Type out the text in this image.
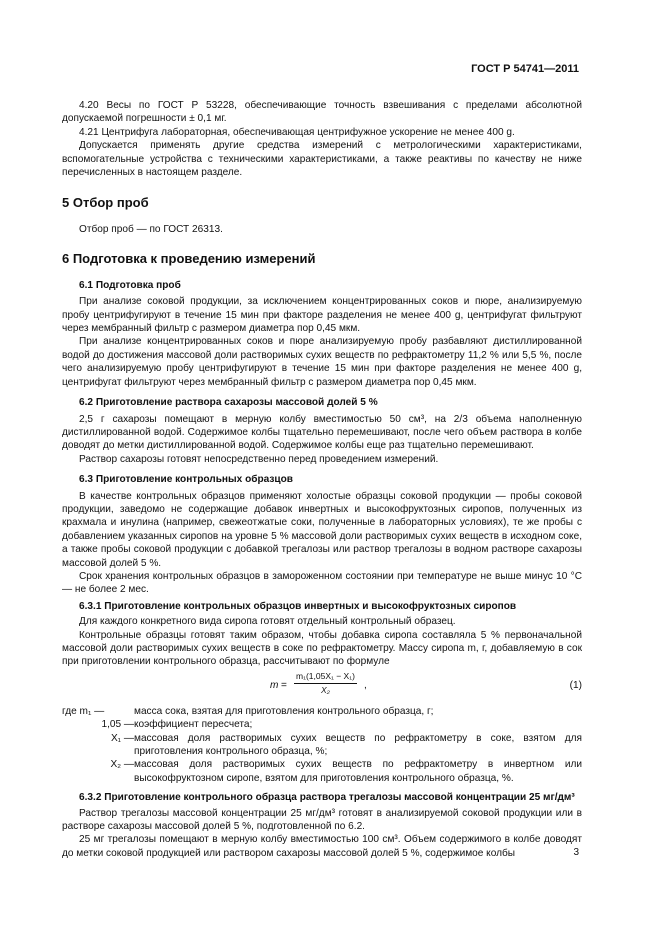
ГОСТ Р 54741—2011

4.20 Весы по ГОСТ Р 53228, обеспечивающие точность взвешивания с пределами абсолютной допускаемой погрешности ± 0,1 мг.

4.21 Центрифуга лабораторная, обеспечивающая центрифужное ускорение не менее 400 g.

Допускается применять другие средства измерений с метрологическими характеристиками, вспомогательные устройства с техническими характеристиками, а также реактивы по качеству не ниже перечисленных в настоящем разделе.

5 Отбор проб

Отбор проб — по ГОСТ 26313.

6 Подготовка к проведению измерений
6.1 Подготовка проб

При анализе соковой продукции, за исключением концентрированных соков и пюре, анализируемую пробу центрифугируют в течение 15 мин при факторе разделения не менее 400 g, центрифугат фильтруют через мембранный фильтр с размером диаметра пор 0,45 мкм.

При анализе концентрированных соков и пюре анализируемую пробу разбавляют дистиллированной водой до достижения массовой доли растворимых сухих веществ по рефрактометру 11,2 % или 5,5 %, после чего анализируемую пробу центрифугируют в течение 15 мин при факторе разделения не менее 400 g, центрифугат фильтруют через мембранный фильтр с размером диаметра пор 0,45 мкм.

6.2 Приготовление раствора сахарозы массовой долей 5 %

2,5 г сахарозы помещают в мерную колбу вместимостью 50 см³, на 2/3 объема наполненную дистиллированной водой. Содержимое колбы тщательно перемешивают, после чего объем раствора в колбе доводят до метки дистиллированной водой. Содержимое колбы еще раз тщательно перемешивают.

Раствор сахарозы готовят непосредственно перед проведением измерений.

6.3 Приготовление контрольных образцов

В качестве контрольных образцов применяют холостые образцы соковой продукции — пробы соковой продукции, заведомо не содержащие добавок инвертных и высокофруктозных сиропов, полученных из крахмала и инулина (например, свежеотжатые соки, полученные в лабораторных условиях), те же пробы с добавлением указанных сиропов на уровне 5 % массовой доли растворимых сухих веществ в исходном соке, а также пробы соковой продукции с добавкой трегалозы или раствор трегалозы в водном растворе сахарозы массовой долей 5 %.

Срок хранения контрольных образцов в замороженном состоянии при температуре не выше минус 10 °С — не более 2 мес.

6.3.1 Приготовление контрольных образцов инвертных и высокофруктозных сиропов

Для каждого конкретного вида сиропа готовят отдельный контрольный образец.

Контрольные образцы готовят таким образом, чтобы добавка сиропа составляла 5 % первоначальной массовой доли растворимых сухих веществ в соке по рефрактометру. Массу сиропа m, г, добавляемую в сок при приготовлении контрольного образца, рассчитывают по формуле

$m = \frac{\text{m₁(1,05X₁ − X₁)}}{\text{X₂}}$ ,	(1)
где m₁ —	масса сока, взятая для приготовления контрольного образца, г;
1,05 — коэффициент пересчета;
X₁ — массовая доля растворимых сухих веществ по рефрактометру в соке, взятом для приготовления контрольного образца, %;
X₂ — массовая доля растворимых сухих веществ по рефрактометру в инвертном или высокофруктозном сиропе, взятом для приготовления контрольного образца, %.
6.3.2 Приготовление контрольного образца раствора трегалозы массовой концентрации 25 мг/дм³

Раствор трегалозы массовой концентрации 25 мг/дм³ готовят в анализируемой соковой продукции или в растворе сахарозы массовой долей 5 %, подготовленной по 6.2.

25 мг трегалозы помещают в мерную колбу вместимостью 100 см³. Объем содержимого в колбе доводят до метки соковой продукцией или раствором сахарозы массовой долей 5 %, содержимое колбы	3
